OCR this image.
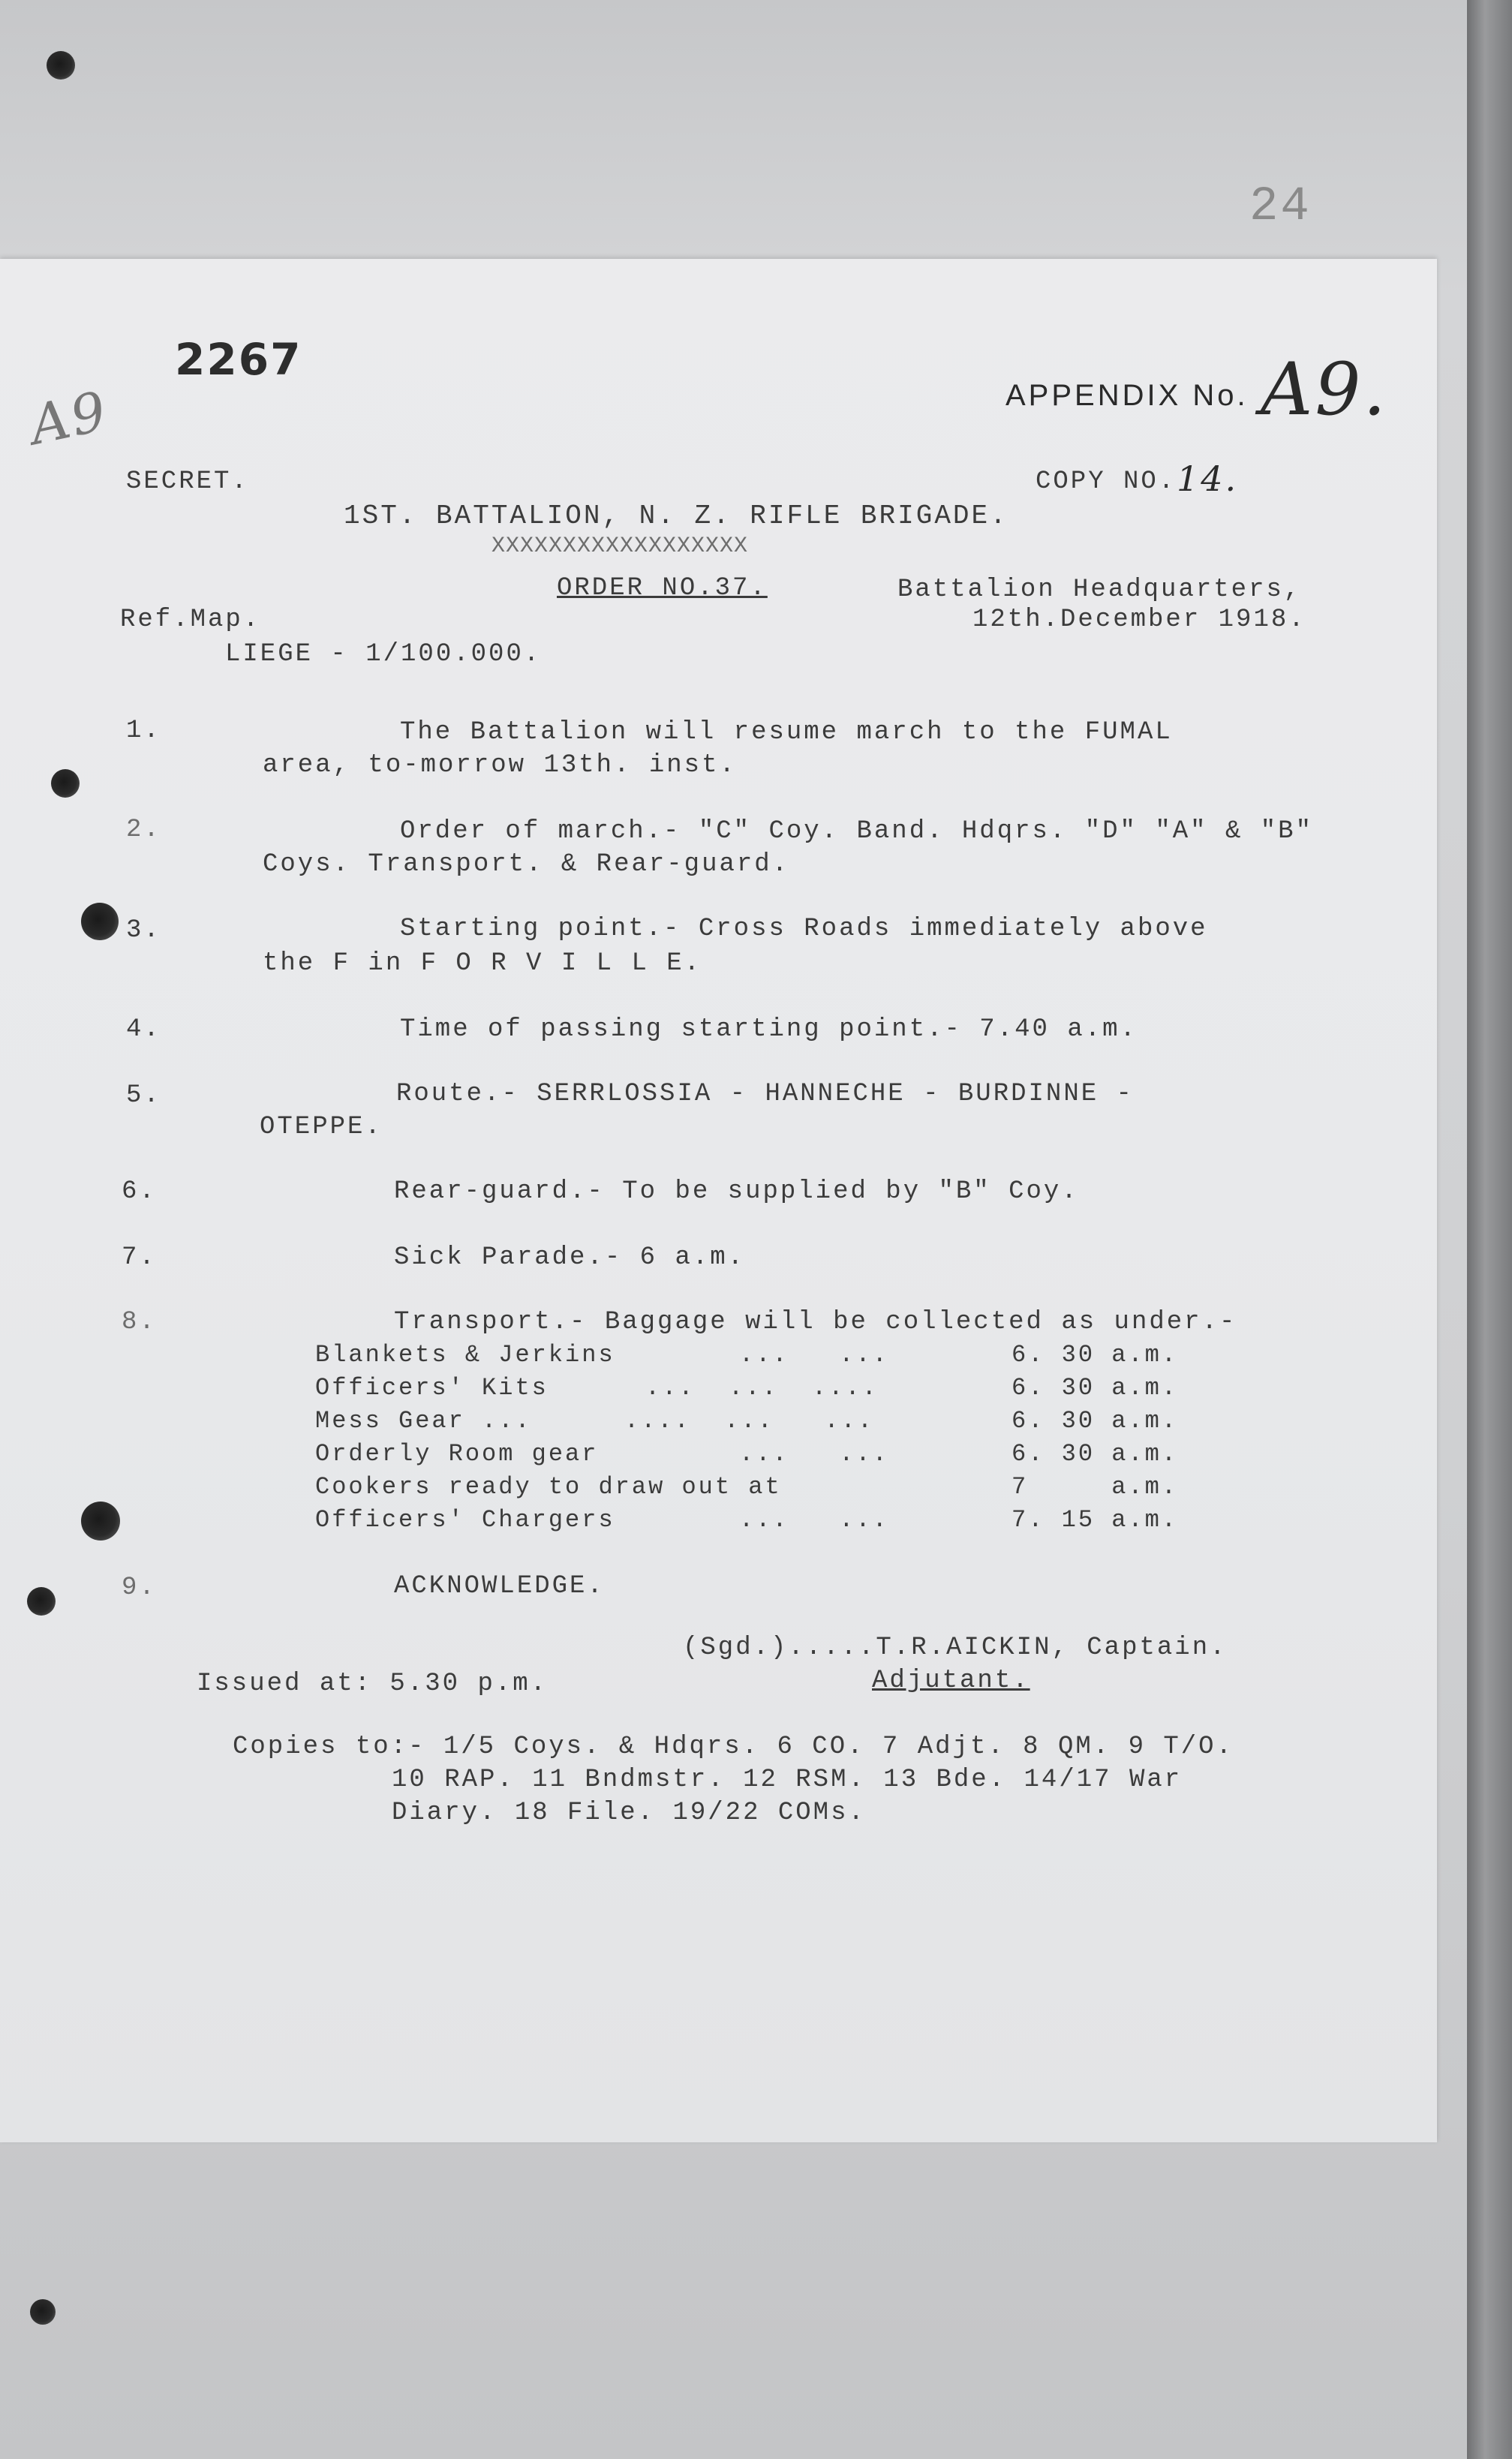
24
2267
A9	APPENDIX No. A9.
SECRET.	COPY NO. 14.
1ST. BATTALION, N. Z. RIFLE BRIGADE.
XXXXXXXXXXXXXXXXXX
ORDER NO.37.	Battalion Headquarters,
12th.December 1918.
Ref.Map.
LIEGE - 1/100.000.
1.	The Battalion will resume march to the FUMAL
area, to-morrow 13th. inst.
2.	Order of march.- "C" Coy. Band. Hdqrs. "D" "A" & "B"
Coys. Transport. & Rear-guard.
3.	Starting point.- Cross Roads immediately above
the F in F O R V I L L E.
4.	Time of passing starting point.- 7.40 a.m.
5.	Route.- SERRLOSSIA - HANNECHE - BURDINNE -
OTEPPE.
6.	Rear-guard.- To be supplied by "B" Coy.
7.	Sick Parade.- 6 a.m.
8.	Transport.- Baggage will be collected as under.-
Blankets & Jerkins	...   ...	6. 30 a.m.
Officers' Kits	...  ...  ....	6. 30 a.m.
Mess Gear ...	....  ...   ...	6. 30 a.m.
Orderly Room gear	...   ...	6. 30 a.m.
Cookers ready to draw out at	7     a.m.
Officers' Chargers	...   ...	7. 15 a.m.
9.	ACKNOWLEDGE.
(Sgd.).....T.R.AICKIN, Captain.
Adjutant.
Issued at: 5.30 p.m.
Copies to:- 1/5 Coys. & Hdqrs. 6 CO. 7 Adjt. 8 QM. 9 T/O.
10 RAP. 11 Bndmstr. 12 RSM. 13 Bde. 14/17 War
Diary. 18 File. 19/22 COMs.
